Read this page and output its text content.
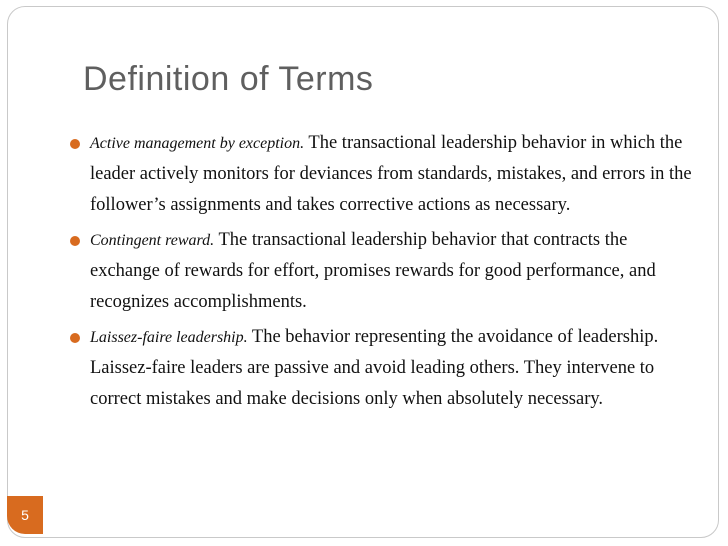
Definition of Terms
Active management by exception. The transactional leadership behavior in which the leader actively monitors for deviances from standards, mistakes, and errors in the follower’s assignments and takes corrective actions as necessary.
Contingent reward. The transactional leadership behavior that contracts the exchange of rewards for effort, promises rewards for good performance, and recognizes accomplishments.
Laissez-faire leadership. The behavior representing the avoidance of leadership. Laissez-faire leaders are passive and avoid leading others. They intervene to correct mistakes and make decisions only when absolutely necessary.
5
